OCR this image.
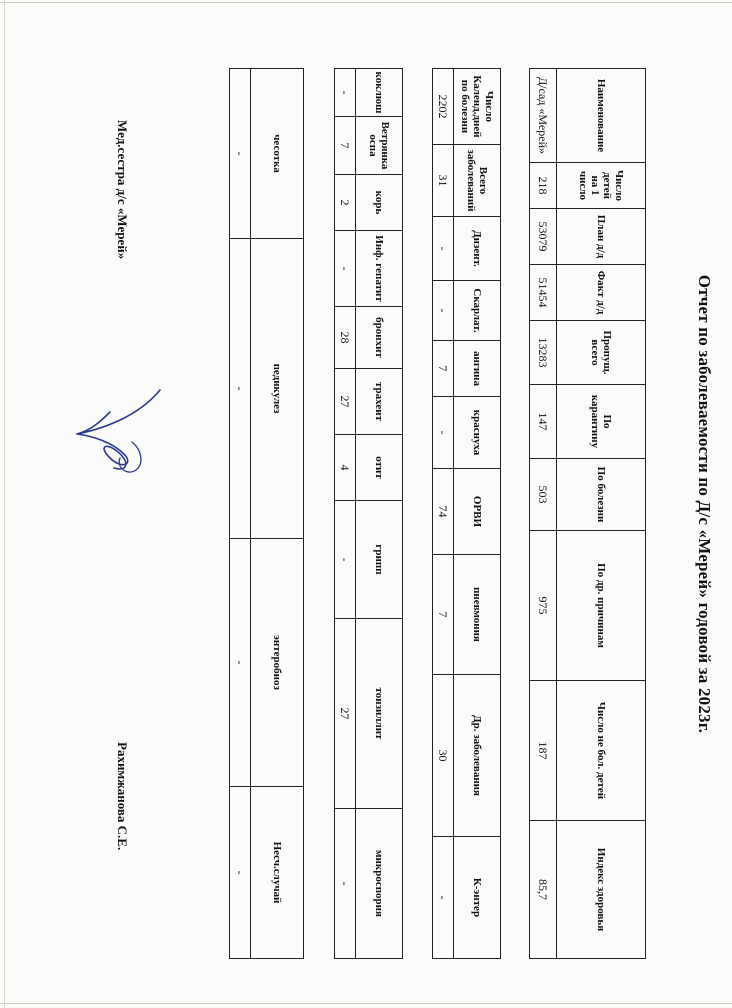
Отчет по заболеваемости по Д/с «Мерей» годовой за 2023г.
Наименование	Число детей на 1 число	План д/д	Факт д/д	Пропущ. всего	По карантину	По болезни	По др. причинам	Число не бол. детей	Индекс здоровья
Д/сад «Мерей»	218	53079	51454	13283	147	503	975	187	85,7
Число Календ.дней по болезни	Всего заболеваний	Дизент.	Скарлат.	ангина	краснуха	ОРВИ	пневмония	Др. заболевания	К-энтер
2202	31	-	-	7	-	74	7	30	-
коклюш	Ветрянка оспа	корь	Инф. гепатит	бронхит	трахеит	отит	грипп	тонзиллит	микроспория
-	7	2	-	28	27	4	-	27	-
чесотка	педикулез	энтеробиоз	Несч.случай
-	-	-	-
Мед.сестра д/с «Мерей»
Рахимжанова С.Е.
